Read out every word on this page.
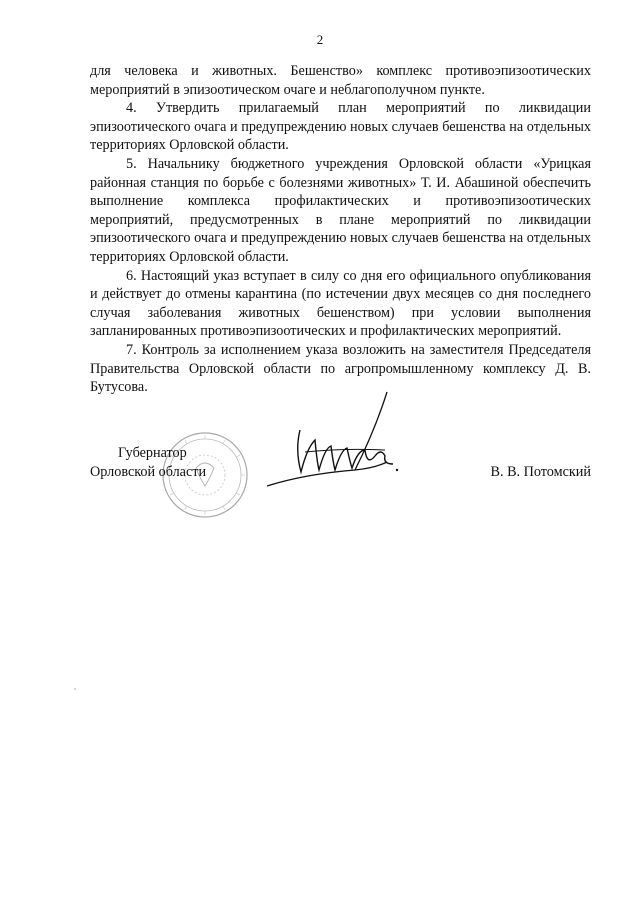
2

для человека и животных. Бешенство» комплекс противоэпизоотических мероприятий в эпизоотическом очаге и неблагополучном пункте.

4. Утвердить прилагаемый план мероприятий по ликвидации эпизоотического очага и предупреждению новых случаев бешенства на отдельных территориях Орловской области.

5. Начальнику бюджетного учреждения Орловской области «Урицкая районная станция по борьбе с болезнями животных» Т. И. Абашиной обеспечить выполнение комплекса профилактических и противоэпизоотических мероприятий, предусмотренных в плане мероприятий по ликвидации эпизоотического очага и предупреждению новых случаев бешенства на отдельных территориях Орловской области.

6. Настоящий указ вступает в силу со дня его официального опубликования и действует до отмены карантина (по истечении двух месяцев со дня последнего случая заболевания животных бешенством) при условии выполнения запланированных противоэпизоотических и профилактических мероприятий.

7. Контроль за исполнением указа возложить на заместителя Председателя Правительства Орловской области по агропромышленному комплексу Д. В. Бутусова.

Губернатор
Орловской области	В. В. Потомский
